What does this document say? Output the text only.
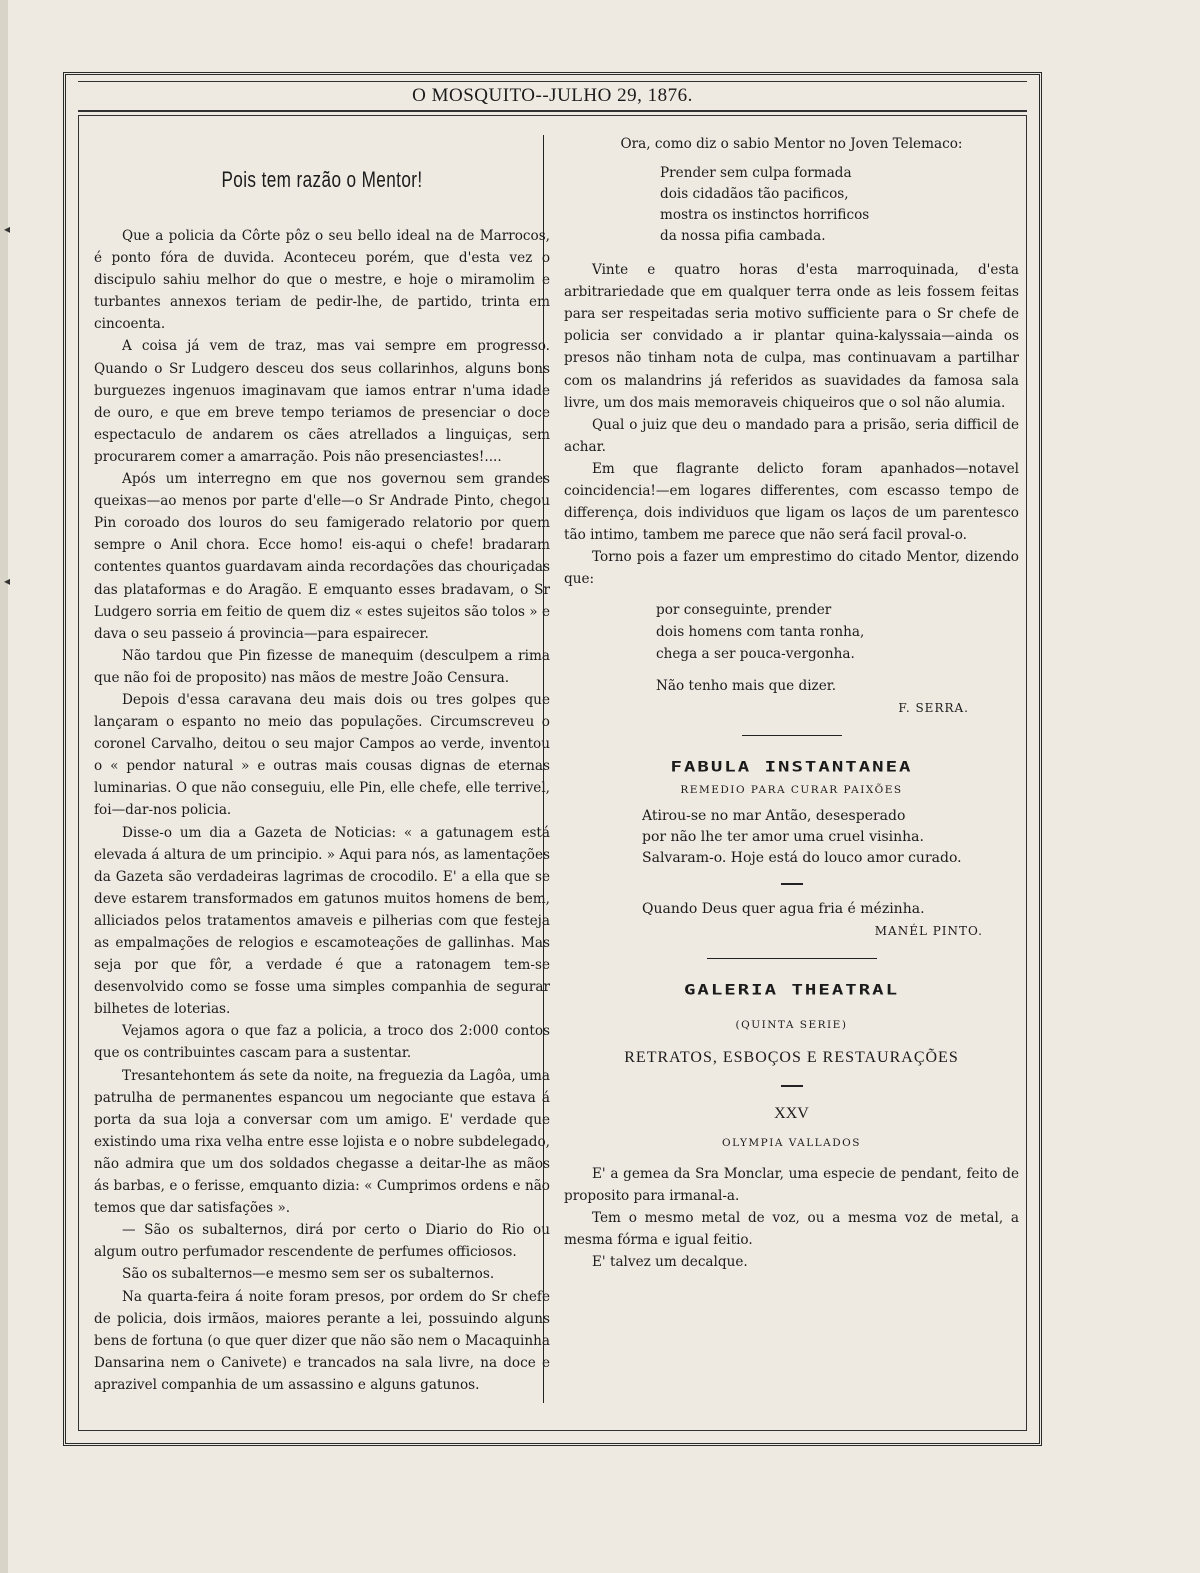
◂
◂
O MOSQUITO--JULHO 29, 1876.
Pois tem razão o Mentor!

Que a policia da Côrte pôz o seu bello ideal na de Marrocos, é ponto fóra de duvida. Aconteceu porém, que d'esta vez o discipulo sahiu melhor do que o mestre, e hoje o miramolim e turbantes annexos teriam de pedir-lhe, de partido, trinta em cincoenta.

A coisa já vem de traz, mas vai sempre em progresso. Quando o Sr Ludgero desceu dos seus collarinhos, alguns bons burguezes ingenuos imaginavam que iamos entrar n'uma idade de ouro, e que em breve tempo teriamos de presenciar o doce espectaculo de andarem os cães atrellados a linguiças, sem procurarem comer a amarração. Pois não presenciastes!....

Após um interregno em que nos governou sem grandes queixas—ao menos por parte d'elle—o Sr Andrade Pinto, chegou Pin coroado dos louros do seu famigerado relatorio por quem sempre o Anil chora. Ecce homo! eis-aqui o chefe! bradaram contentes quantos guardavam ainda recordações das chouriçadas das plataformas e do Aragão. E emquanto esses bradavam, o Sr Ludgero sorria em feitio de quem diz « estes sujeitos são tolos » e dava o seu passeio á provincia—para espairecer.

Não tardou que Pin fizesse de manequim (desculpem a rima que não foi de proposito) nas mãos de mestre João Censura.

Depois d'essa caravana deu mais dois ou tres golpes que lançaram o espanto no meio das populações. Circumscreveu o coronel Carvalho, deitou o seu major Campos ao verde, inventou o « pendor natural » e outras mais cousas dignas de eternas luminarias. O que não conseguiu, elle Pin, elle chefe, elle terrivel, foi—dar-nos policia.

Disse-o um dia a Gazeta de Noticias: « a gatunagem está elevada á altura de um principio. » Aqui para nós, as lamentações da Gazeta são verdadeiras lagrimas de crocodilo. E' a ella que se deve estarem transformados em gatunos muitos homens de bem, alliciados pelos tratamentos amaveis e pilherias com que festeja as empalmações de relogios e escamoteações de gallinhas. Mas seja por que fôr, a verdade é que a ratonagem tem-se desenvolvido como se fosse uma simples companhia de segurar bilhetes de loterias.

Vejamos agora o que faz a policia, a troco dos 2:000 contos que os contribuintes cascam para a sustentar.

Tresantehontem ás sete da noite, na freguezia da Lagôa, uma patrulha de permanentes espancou um negociante que estava á porta da sua loja a conversar com um amigo. E' verdade que existindo uma rixa velha entre esse lojista e o nobre subdelegado, não admira que um dos soldados chegasse a deitar-lhe as mãos ás barbas, e o ferisse, emquanto dizia: « Cumprimos ordens e não temos que dar satisfações ».

— São os subalternos, dirá por certo o Diario do Rio ou algum outro perfumador rescendente de perfumes officiosos.

São os subalternos—e mesmo sem ser os subalternos.

Na quarta-feira á noite foram presos, por ordem do Sr chefe de policia, dois irmãos, maiores perante a lei, possuindo alguns bens de fortuna (o que quer dizer que não são nem o Macaquinha Dansarina nem o Canivete) e trancados na sala livre, na doce e aprazivel companhia de um assassino e alguns gatunos.

Ora, como diz o sabio Mentor no Joven Telemaco:

Prender sem culpa formada
dois cidadãos tão pacificos,
mostra os instinctos horrificos
da nossa pifia cambada.

Vinte e quatro horas d'esta marroquinada, d'esta arbitrariedade que em qualquer terra onde as leis fossem feitas para ser respeitadas seria motivo sufficiente para o Sr chefe de policia ser convidado a ir plantar quina-kalyssaia—ainda os presos não tinham nota de culpa, mas continuavam a partilhar com os malandrins já referidos as suavidades da famosa sala livre, um dos mais memoraveis chiqueiros que o sol não alumia.

Qual o juiz que deu o mandado para a prisão, seria difficil de achar.

Em que flagrante delicto foram apanhados—notavel coincidencia!—em logares differentes, com escasso tempo de differença, dois individuos que ligam os laços de um parentesco tão intimo, tambem me parece que não será facil proval-o.

Torno pois a fazer um emprestimo do citado Mentor, dizendo que:

por conseguinte, prender
dois homens com tanta ronha,
chega a ser pouca-vergonha.
Não tenho mais que dizer.
F. SERRA.
FABULA INSTANTANEA
REMEDIO PARA CURAR PAIXÕES
Atirou-se no mar Antão, desesperado
por não lhe ter amor uma cruel visinha.
Salvaram-o. Hoje está do louco amor curado.
Quando Deus quer agua fria é mézinha.
MANÉL PINTO.
GALERIA THEATRAL
(QUINTA SERIE)
RETRATOS, ESBOÇOS E RESTAURAÇÕES
XXV
OLYMPIA VALLADOS

E' a gemea da Sra Monclar, uma especie de pendant, feito de proposito para irmanal-a.

Tem o mesmo metal de voz, ou a mesma voz de metal, a mesma fórma e igual feitio.

E' talvez um decalque.
